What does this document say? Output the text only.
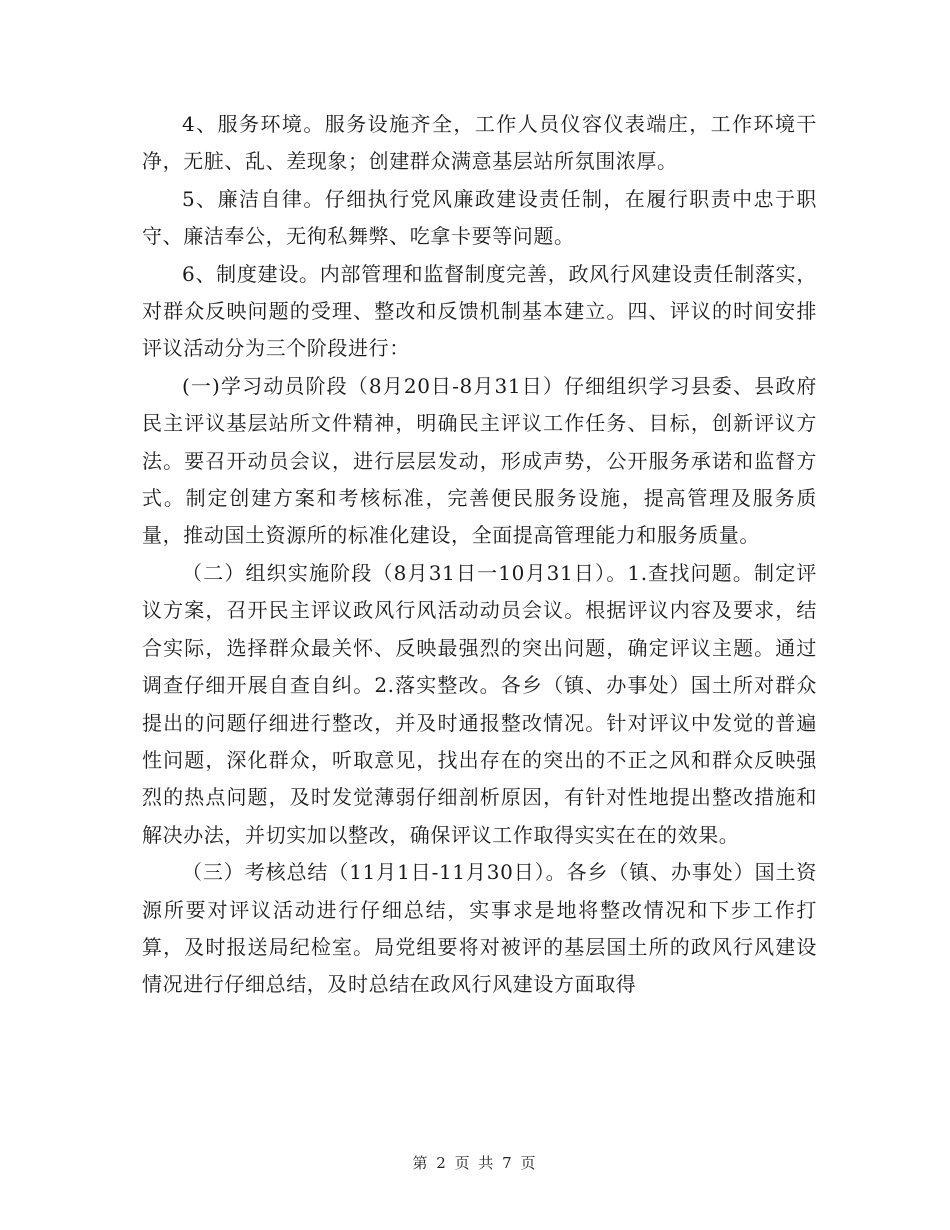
4、服务环境。服务设施齐全，工作人员仪容仪表端庄，工作环境干净，无脏、乱、差现象；创建群众满意基层站所氛围浓厚。

5、廉洁自律。仔细执行党风廉政建设责任制，在履行职责中忠于职守、廉洁奉公，无徇私舞弊、吃拿卡要等问题。

6、制度建设。内部管理和监督制度完善，政风行风建设责任制落实，对群众反映问题的受理、整改和反馈机制基本建立。四、评议的时间安排评议活动分为三个阶段进行：

(一)学习动员阶段（8月20日-8月31日）仔细组织学习县委、县政府民主评议基层站所文件精神，明确民主评议工作任务、目标，创新评议方法。要召开动员会议，进行层层发动，形成声势，公开服务承诺和监督方式。制定创建方案和考核标准，完善便民服务设施，提高管理及服务质量，推动国土资源所的标准化建设，全面提高管理能力和服务质量。

（二）组织实施阶段（8月31日一10月31日）。1.查找问题。制定评议方案，召开民主评议政风行风活动动员会议。根据评议内容及要求，结合实际，选择群众最关怀、反映最强烈的突出问题，确定评议主题。通过调查仔细开展自查自纠。2.落实整改。各乡（镇、办事处）国土所对群众提出的问题仔细进行整改，并及时通报整改情况。针对评议中发觉的普遍性问题，深化群众，听取意见，找出存在的突出的不正之风和群众反映强烈的热点问题，及时发觉薄弱仔细剖析原因，有针对性地提出整改措施和解决办法，并切实加以整改，确保评议工作取得实实在在的效果。

（三）考核总结（11月1日-11月30日）。各乡（镇、办事处）国土资源所要对评议活动进行仔细总结，实事求是地将整改情况和下步工作打算，及时报送局纪检室。局党组要将对被评的基层国土所的政风行风建设情况进行仔细总结，及时总结在政风行风建设方面取得

第 2 页 共 7 页
